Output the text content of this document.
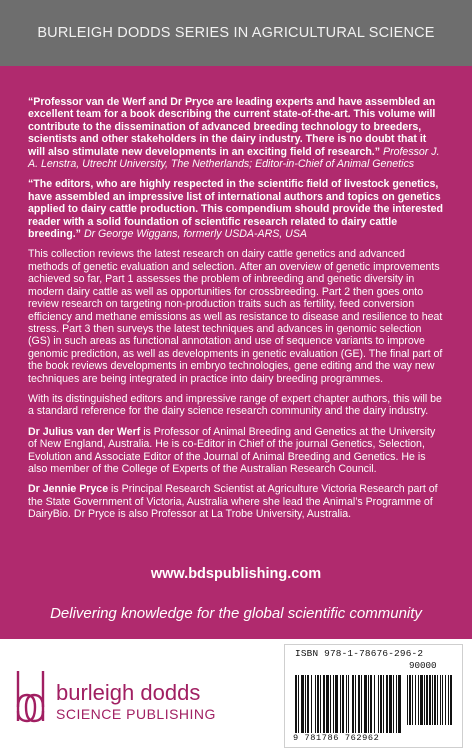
BURLEIGH DODDS SERIES IN AGRICULTURAL SCIENCE

“Professor van de Werf and Dr Pryce are leading experts and have assembled an excellent team for a book describing the current state-of-the-art. This volume will contribute to the dissemination of advanced breeding technology to breeders, scientists and other stakeholders in the dairy industry. There is no doubt that it will also stimulate new developments in an exciting field of research.” Professor J. A. Lenstra, Utrecht University, The Netherlands; Editor-in-Chief of Animal Genetics

“The editors, who are highly respected in the scientific field of livestock genetics, have assembled an impressive list of international authors and topics on genetics applied to dairy cattle production. This compendium should provide the interested reader with a solid foundation of scientific research related to dairy cattle breeding.” Dr George Wiggans, formerly USDA-ARS, USA

This collection reviews the latest research on dairy cattle genetics and advanced methods of genetic evaluation and selection. After an overview of genetic improvements achieved so far, Part 1 assesses the problem of inbreeding and genetic diversity in modern dairy cattle as well as opportunities for crossbreeding. Part 2 then goes onto review research on targeting non-production traits such as fertility, feed conversion efficiency and methane emissions as well as resistance to disease and resilience to heat stress. Part 3 then surveys the latest techniques and advances in genomic selection (GS) in such areas as functional annotation and use of sequence variants to improve genomic prediction, as well as developments in genetic evaluation (GE). The final part of the book reviews developments in embryo technologies, gene editing and the way new techniques are being integrated in practice into dairy breeding programmes.

With its distinguished editors and impressive range of expert chapter authors, this will be a standard reference for the dairy science research community and the dairy industry.

Dr Julius van der Werf is Professor of Animal Breeding and Genetics at the University of New England, Australia. He is co-Editor in Chief of the journal Genetics, Selection, Evolution and Associate Editor of the Journal of Animal Breeding and Genetics. He is also member of the College of Experts of the Australian Research Council.

Dr Jennie Pryce is Principal Research Scientist at Agriculture Victoria Research part of the State Government of Victoria, Australia where she lead the Animal’s Programme of DairyBio. Dr Pryce is also Professor at La Trobe University, Australia.

www.bdspublishing.com
Delivering knowledge for the global scientific community
burleigh dodds
SCIENCE PUBLISHING
ISBN 978-1-78676-296-2
90000
9 781786 762962
